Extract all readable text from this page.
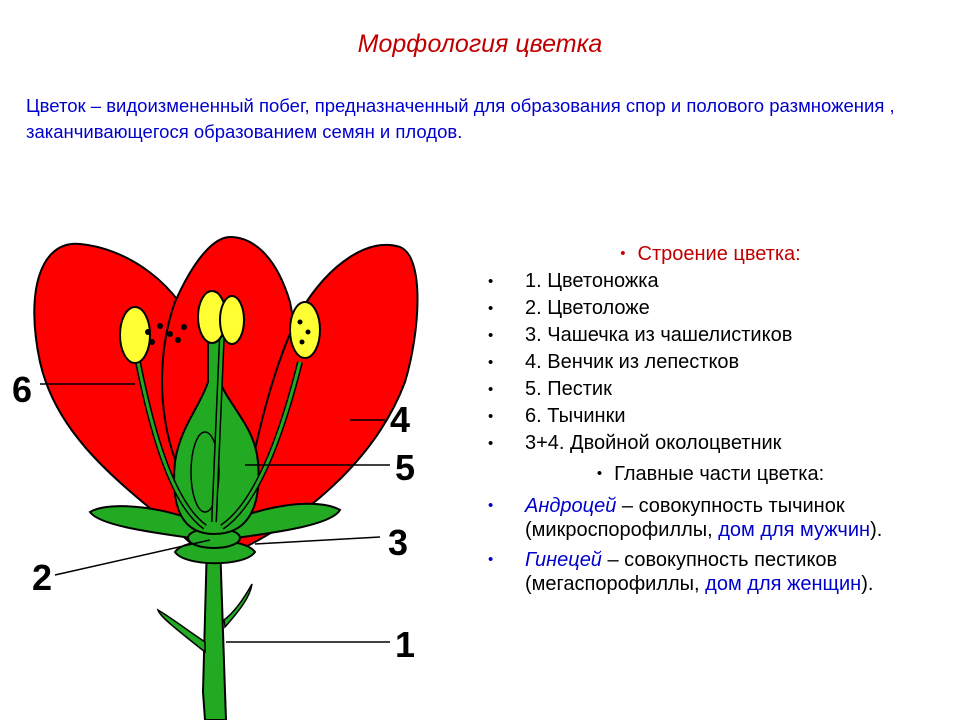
Морфология цветка
Цветок – видоизмененный побег, предназначенный для образования спор и полового размножения , заканчивающегося образованием семян и плодов.
6
4
5
3
2
1
• Строение цветка:
• 1. Цветоножка
• 2. Цветоложе
• 3. Чашечка из чашелистиков
• 4. Венчик из лепестков
• 5. Пестик
• 6. Тычинки
• 3+4. Двойной околоцветник
• Главные части цветка:
• Андроцей – совокупность тычинок (микроспорофиллы, дом для мужчин).
• Гинецей – совокупность пестиков (мегаспорофиллы, дом для женщин).
